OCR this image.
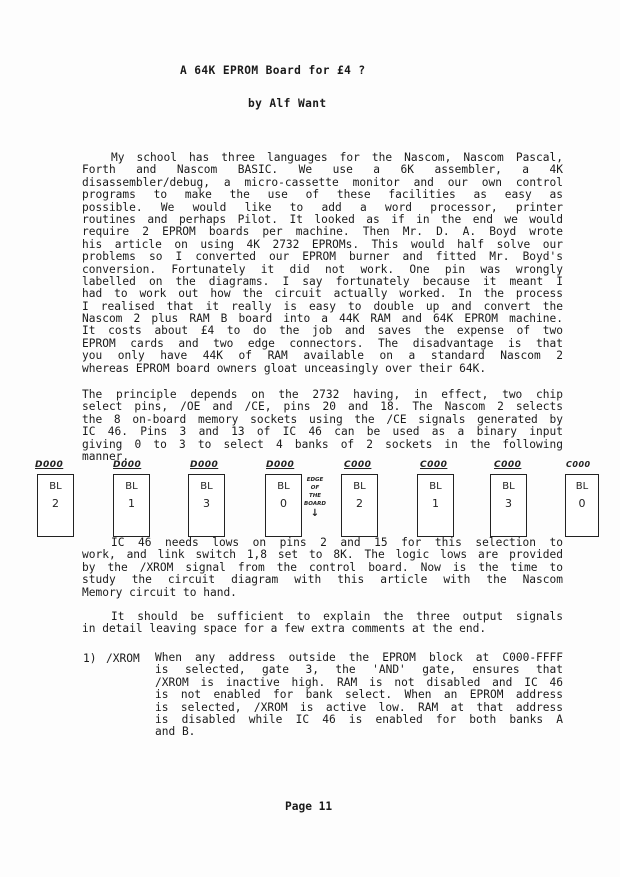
A 64K EPROM Board for £4 ?
by Alf Want
My school has three languages for the Nascom, Nascom Pascal,
Forth and Nascom BASIC. We use a 6K assembler, a 4K
disassembler/debug, a micro-cassette monitor and our own control
programs to make the use of these facilities as easy as
possible. We would like to add a word processor, printer
routines and perhaps Pilot. It looked as if in the end we would
require 2 EPROM boards per machine. Then Mr. D. A. Boyd wrote
his article on using 4K 2732 EPROMs. This would half solve our
problems so I converted our EPROM burner and fitted Mr. Boyd's
conversion. Fortunately it did not work. One pin was wrongly
labelled on the diagrams. I say fortunately because it meant I
had to work out how the circuit actually worked. In the process
I realised that it really is easy to double up and convert the
Nascom 2 plus RAM B board into a 44K RAM and 64K EPROM machine.
It costs about £4 to do the job and saves the expense of two
EPROM cards and two edge connectors. The disadvantage is that
you only have 44K of RAM available on a standard Nascom 2
whereas EPROM board owners gloat unceasingly over their 64K.
The principle depends on the 2732 having, in effect, two chip
select pins, /OE and /CE, pins 20 and 18. The Nascom 2 selects
the 8 on-board memory sockets using the /CE signals generated by
IC 46. Pins 3 and 13 of IC 46 can be used as a binary input
giving 0 to 3 to select 4 banks of 2 sockets in the following
manner.
D000
BL
2
D000
BL
1
D000
BL
3
D000
BL
0
EDGE
OF
THE
BOARD
↓
C000
BL
2
C000
BL
1
C000
BL
3
C000
BL
0
IC 46 needs lows on pins 2 and 15 for this selection to
work, and link switch 1,8 set to 8K. The logic lows are provided
by the /XROM signal from the control board. Now is the time to
study the circuit diagram with this article with the Nascom
Memory circuit to hand.
It should be sufficient to explain the three output signals
in detail leaving space for a few extra comments at the end.
1) /XROM When any address outside the EPROM block at C000-FFFF
is selected, gate 3, the 'AND' gate, ensures that
/XROM is inactive high. RAM is not disabled and IC 46
is not enabled for bank select. When an EPROM address
is selected, /XROM is active low. RAM at that address
is disabled while IC 46 is enabled for both banks A
and B.
Page 11
